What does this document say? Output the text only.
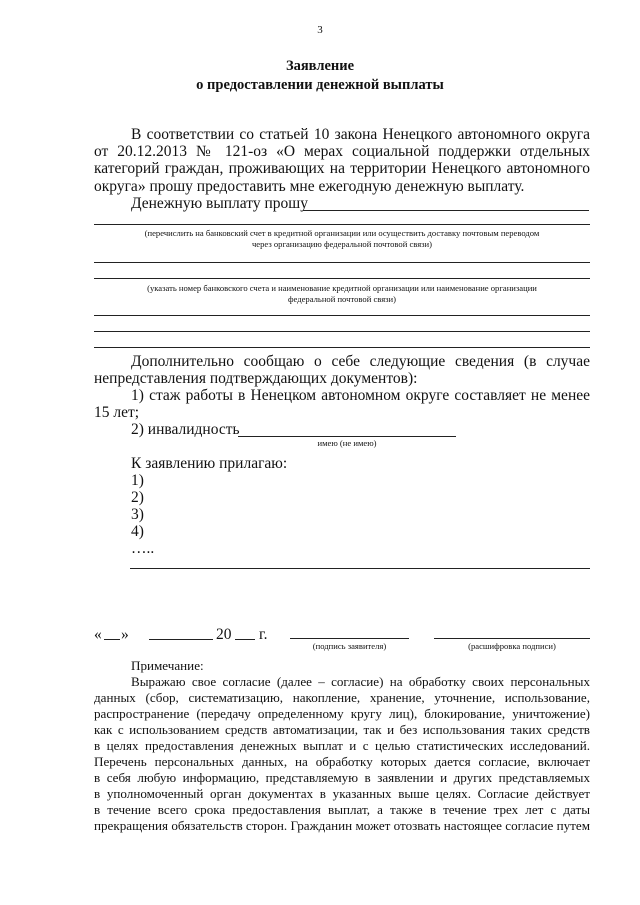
3
Заявление
о предоставлении денежной выплаты
В соответствии со статьей 10 закона Ненецкого автономного округа
от 20.12.2013 № 121-оз «О мерах социальной поддержки отдельных
категорий граждан, проживающих на территории Ненецкого автономного
округа» прошу предоставить мне ежегодную денежную выплату.
Денежную выплату прошу
(перечислить на банковский счет в кредитной организации или осуществить доставку почтовым переводом
через организацию федеральной почтовой связи)
(указать номер банковского счета и наименование кредитной организации или наименование организации
федеральной почтовой связи)
Дополнительно сообщаю о себе следующие сведения (в случае
непредставления подтверждающих документов):
1) стаж работы в Ненецком автономном округе составляет не менее
15 лет;
2) инвалидность
имею (не имею)
К заявлению прилагаю:
1)
2)
3)
4)
…..
« »	20 г.
(подпись заявителя)	(расшифровка подписи)
Примечание:
Выражаю свое согласие (далее – согласие) на обработку своих персональных
данных (сбор, систематизацию, накопление, хранение, уточнение, использование,
распространение (передачу определенному кругу лиц), блокирование, уничтожение)
как с использованием средств автоматизации, так и без использования таких средств
в целях предоставления денежных выплат и с целью статистических исследований.
Перечень персональных данных, на обработку которых дается согласие, включает
в себя любую информацию, представляемую в заявлении и других представляемых
в уполномоченный орган документах в указанных выше целях. Согласие действует
в течение всего срока предоставления выплат, а также в течение трех лет с даты
прекращения обязательств сторон. Гражданин может отозвать настоящее согласие путем
